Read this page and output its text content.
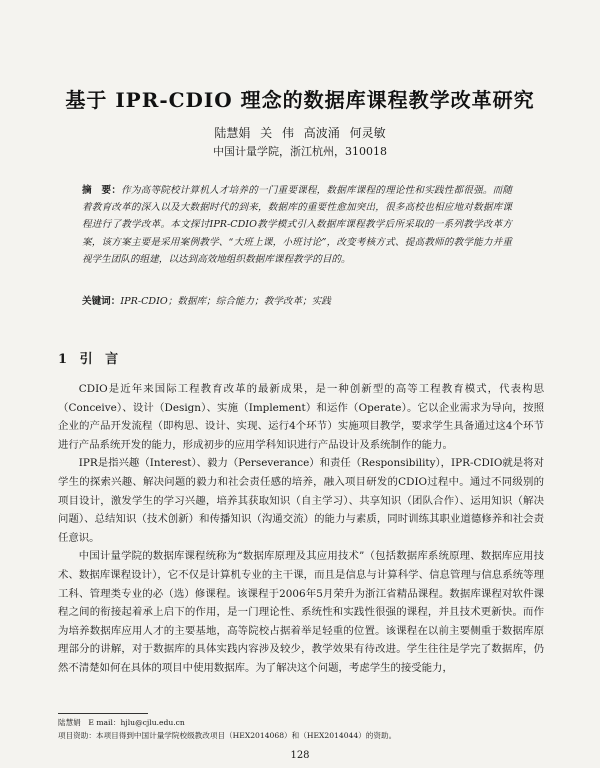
基于 IPR-CDIO 理念的数据库课程教学改革研究
陆慧娟 关 伟 高波涌 何灵敏
中国计量学院，浙江杭州，310018
摘　要：作为高等院校计算机人才培养的一门重要课程，数据库课程的理论性和实践性都很强。而随着教育改革的深入以及大数据时代的到来，数据库的重要性愈加突出，很多高校也相应地对数据库课程进行了教学改革。本文探讨IPR-CDIO教学模式引入数据库课程教学后所采取的一系列教学改革方案，该方案主要是采用案例教学、“大班上课，小班讨论”，改变考核方式、提高教师的教学能力并重视学生团队的组建，以达到高效地组织数据库课程教学的目的。
关键词：IPR-CDIO；数据库；综合能力；教学改革；实践
1 引 言

CDIO是近年来国际工程教育改革的最新成果，是一种创新型的高等工程教育模式，代表构思（Conceive）、设计（Design）、实施（Implement）和运作（Operate）。它以企业需求为导向，按照企业的产品开发流程（即构思、设计、实现、运行4个环节）实施项目教学，要求学生具备通过这4个环节进行产品系统开发的能力，形成初步的应用学科知识进行产品设计及系统制作的能力。

IPR是指兴趣（Interest）、毅力（Perseverance）和责任（Responsibility），IPR-CDIO就是将对学生的探索兴趣、解决问题的毅力和社会责任感的培养，融入项目研发的CDIO过程中。通过不同级别的项目设计，激发学生的学习兴趣，培养其获取知识（自主学习）、共享知识（团队合作）、运用知识（解决问题）、总结知识（技术创新）和传播知识（沟通交流）的能力与素质，同时训练其职业道德修养和社会责任意识。

中国计量学院的数据库课程统称为“数据库原理及其应用技术”（包括数据库系统原理、数据库应用技术、数据库课程设计），它不仅是计算机专业的主干课，而且是信息与计算科学、信息管理与信息系统等理工科、管理类专业的必（选）修课程。该课程于2006年5月荣升为浙江省精品课程。数据库课程对软件课程之间的衔接起着承上启下的作用，是一门理论性、系统性和实践性很强的课程，并且技术更新快。而作为培养数据库应用人才的主要基地，高等院校占据着举足轻重的位置。该课程在以前主要侧重于数据库原理部分的讲解，对于数据库的具体实践内容涉及较少，教学效果有待改进。学生往往是学完了数据库，仍然不清楚如何在具体的项目中使用数据库。为了解决这个问题，考虑学生的接受能力，

陆慧娟　E mail：hjlu@cjlu.edu.cn
项目资助：本项目得到中国计量学院校级教改项目（HEX2014068）和（HEX2014044）的资助。
128
